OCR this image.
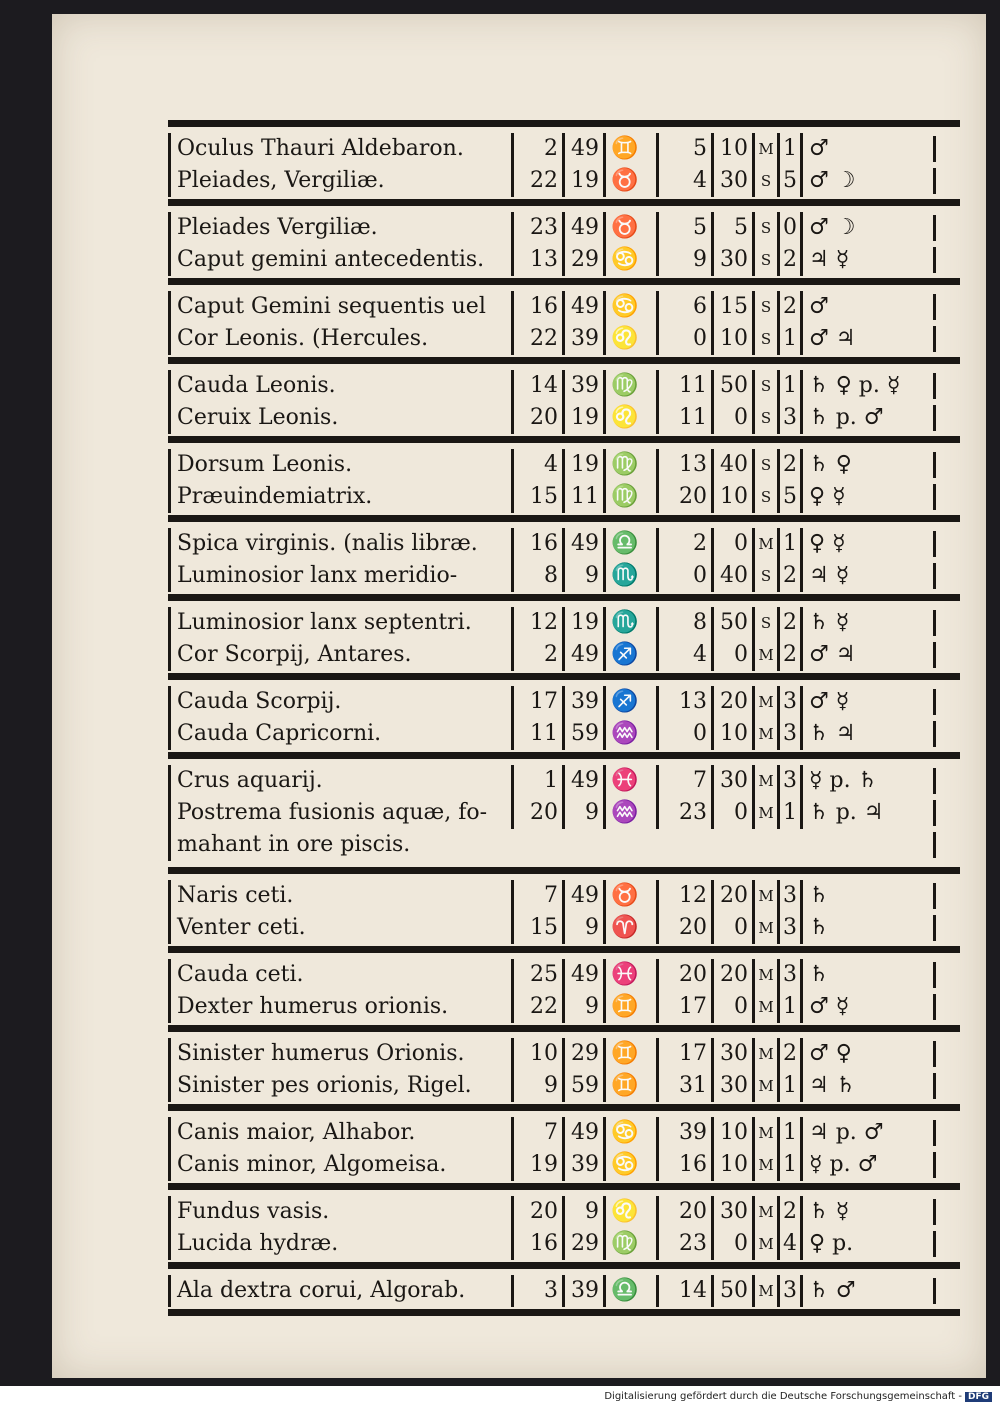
Oculus Thauri Aldebaron.	2 49 ♊	5 10 M 1 ♂
Pleiades, Vergiliæ.	22 19 ♉	4 30 S 5 ♂ ☽
Pleiades Vergiliæ.	23 49 ♉	5	5 S 0 ♂ ☽
Caput gemini antecedentis.	13 29 ♋	9 30 S 2 ♃ ☿
Caput Gemini sequentis uel	16 49 ♋	6 15 S 2 ♂
Cor Leonis. (Hercules.	22 39 ♌	0 10 S 1 ♂ ♃
Cauda Leonis.	14 39 ♍	11 50 S 1 ♄ ♀ p. ☿
Ceruix Leonis.	20 19 ♌	11	0 S 3 ♄ p. ♂
Dorsum Leonis.	4 19 ♍	13 40 S 2 ♄ ♀
Præuindemiatrix.	15 11 ♍	20 10 S 5 ♀ ☿
Spica virginis. (nalis libræ.	16 49 ♎	2	0 M 1 ♀ ☿
Luminosior lanx meridio-	8	9 ♏	0 40 S 2 ♃ ☿
Luminosior lanx septentri.	12 19 ♏	8 50 S 2 ♄ ☿
Cor Scorpij, Antares.	2 49 ♐	4	0 M 2 ♂ ♃
Cauda Scorpij.	17 39 ♐	13 20 M 3 ♂ ☿
Cauda Capricorni.	11 59 ♒	0 10 M 3 ♄ ♃
Crus aquarij.	1 49 ♓	7 30 M 3 ☿ p. ♄
Postrema fusionis aquæ, fo-	20	9 ♒	23	0 M 1 ♄ p. ♃
mahant in ore piscis.
Naris ceti.	7 49 ♉	12 20 M 3 ♄
Venter ceti.	15	9 ♈	20	0 M 3 ♄
Cauda ceti.	25 49 ♓	20 20 M 3 ♄
Dexter humerus orionis.	22	9 ♊	17	0 M 1 ♂ ☿
Sinister humerus Orionis.	10 29 ♊	17 30 M 2 ♂ ♀
Sinister pes orionis, Rigel.	9 59 ♊	31 30 M 1 ♃ ♄
Canis maior, Alhabor.	7 49 ♋	39 10 M 1 ♃ p. ♂
Canis minor, Algomeisa.	19 39 ♋	16 10 M 1 ☿ p. ♂
Fundus vasis.	20	9 ♌	20 30 M 2 ♄ ☿
Lucida hydræ.	16 29 ♍	23	0 M 4 ♀ p.
Ala dextra corui, Algorab.	3 39 ♎	14 50 M 3 ♄ ♂
Digitalisierung gefördert durch die Deutsche Forschungsgemeinschaft - DFG
